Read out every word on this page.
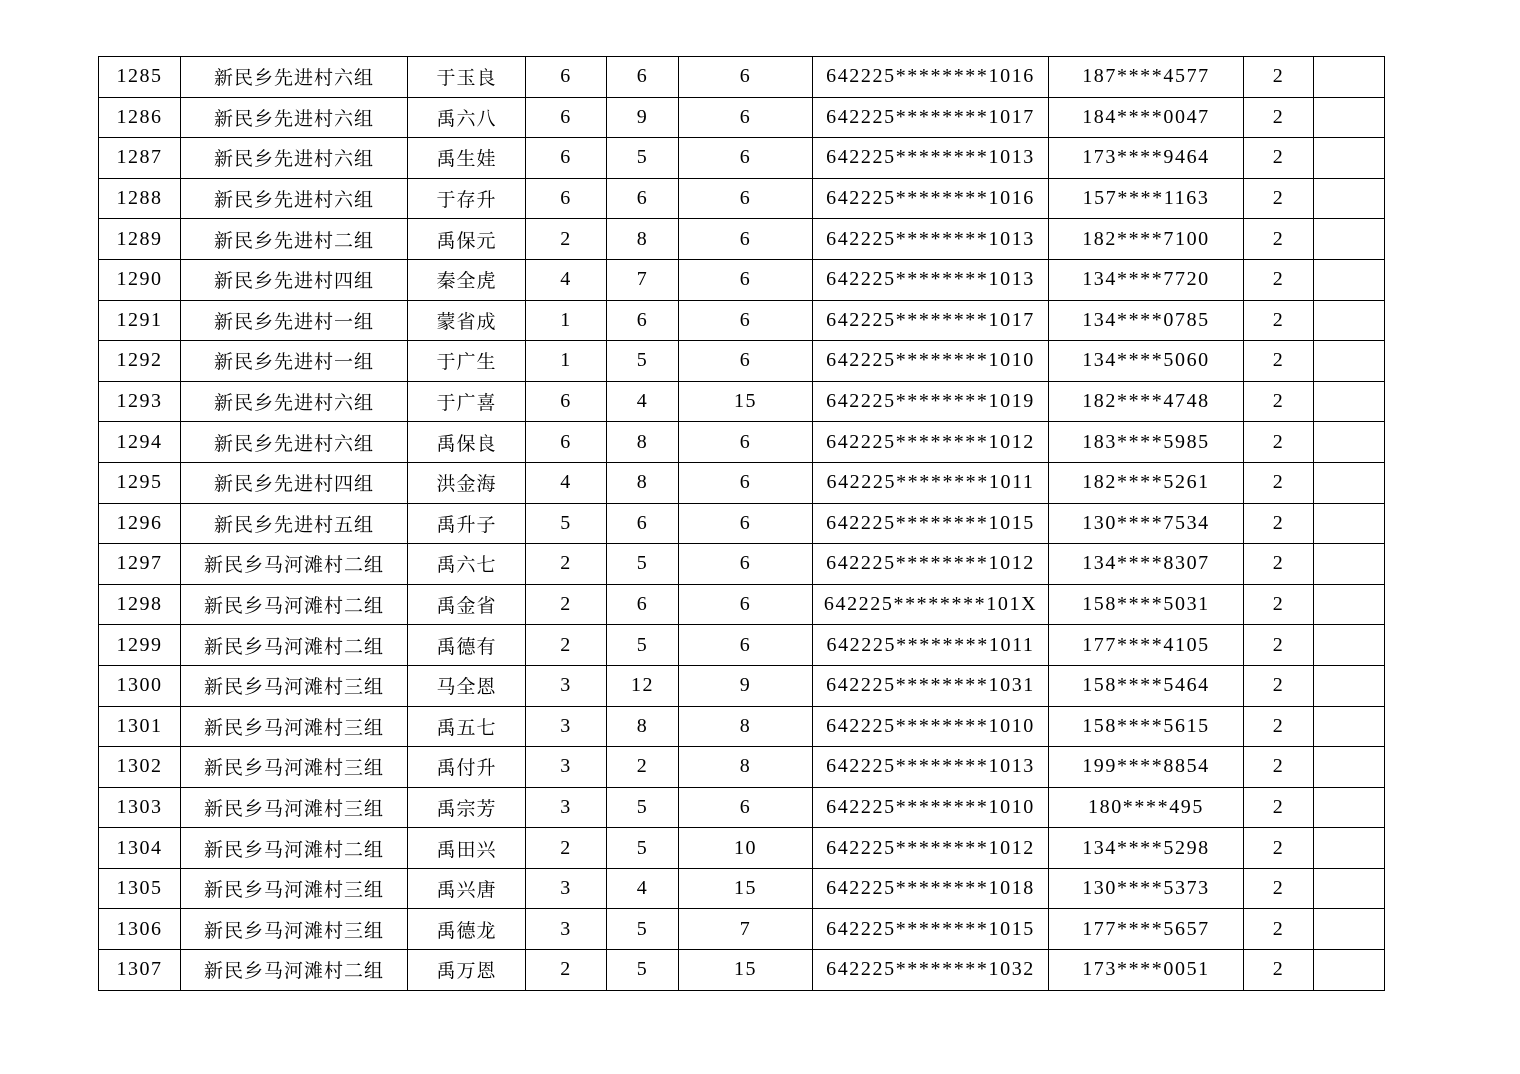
1285	新民乡先进村六组	于玉良	6	6	6	642225********1016	187****4577	2	
1286	新民乡先进村六组	禹六八	6	9	6	642225********1017	184****0047	2	
1287	新民乡先进村六组	禹生娃	6	5	6	642225********1013	173****9464	2	
1288	新民乡先进村六组	于存升	6	6	6	642225********1016	157****1163	2	
1289	新民乡先进村二组	禹保元	2	8	6	642225********1013	182****7100	2	
1290	新民乡先进村四组	秦全虎	4	7	6	642225********1013	134****7720	2	
1291	新民乡先进村一组	蒙省成	1	6	6	642225********1017	134****0785	2	
1292	新民乡先进村一组	于广生	1	5	6	642225********1010	134****5060	2	
1293	新民乡先进村六组	于广喜	6	4	15	642225********1019	182****4748	2	
1294	新民乡先进村六组	禹保良	6	8	6	642225********1012	183****5985	2	
1295	新民乡先进村四组	洪金海	4	8	6	642225********1011	182****5261	2	
1296	新民乡先进村五组	禹升子	5	6	6	642225********1015	130****7534	2	
1297	新民乡马河滩村二组	禹六七	2	5	6	642225********1012	134****8307	2	
1298	新民乡马河滩村二组	禹金省	2	6	6	642225********101X	158****5031	2	
1299	新民乡马河滩村二组	禹德有	2	5	6	642225********1011	177****4105	2	
1300	新民乡马河滩村三组	马全恩	3	12	9	642225********1031	158****5464	2	
1301	新民乡马河滩村三组	禹五七	3	8	8	642225********1010	158****5615	2	
1302	新民乡马河滩村三组	禹付升	3	2	8	642225********1013	199****8854	2	
1303	新民乡马河滩村三组	禹宗芳	3	5	6	642225********1010	180****495	2	
1304	新民乡马河滩村二组	禹田兴	2	5	10	642225********1012	134****5298	2	
1305	新民乡马河滩村三组	禹兴唐	3	4	15	642225********1018	130****5373	2	
1306	新民乡马河滩村三组	禹德龙	3	5	7	642225********1015	177****5657	2	
1307	新民乡马河滩村二组	禹万恩	2	5	15	642225********1032	173****0051	2	
